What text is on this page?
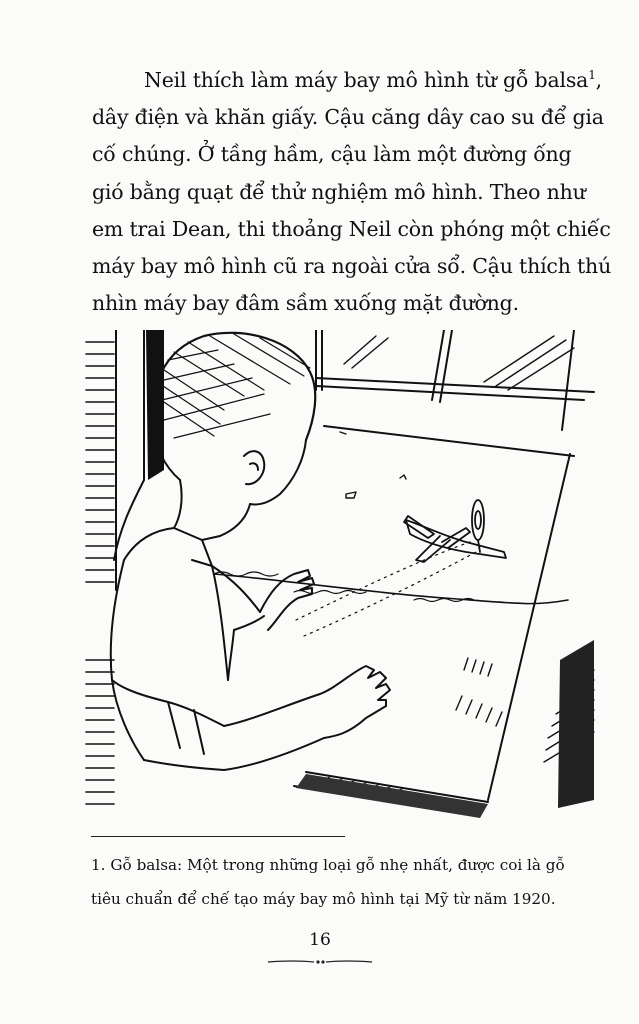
Neil thích làm máy bay mô hình từ gỗ balsa$^1$,
dây điện và khăn giấy. Cậu căng dây cao su để gia
cố chúng. Ở tầng hầm, cậu làm một đường ống
gió bằng quạt để thử nghiệm mô hình. Theo như
em trai Dean, thi thoảng Neil còn phóng một chiếc
máy bay mô hình cũ ra ngoài cửa sổ. Cậu thích thú
nhìn máy bay đâm sầm xuống mặt đường.
1. Gỗ balsa: Một trong những loại gỗ nhẹ nhất, được coi là gỗ
tiêu chuẩn để chế tạo máy bay mô hình tại Mỹ từ năm 1920.
16
